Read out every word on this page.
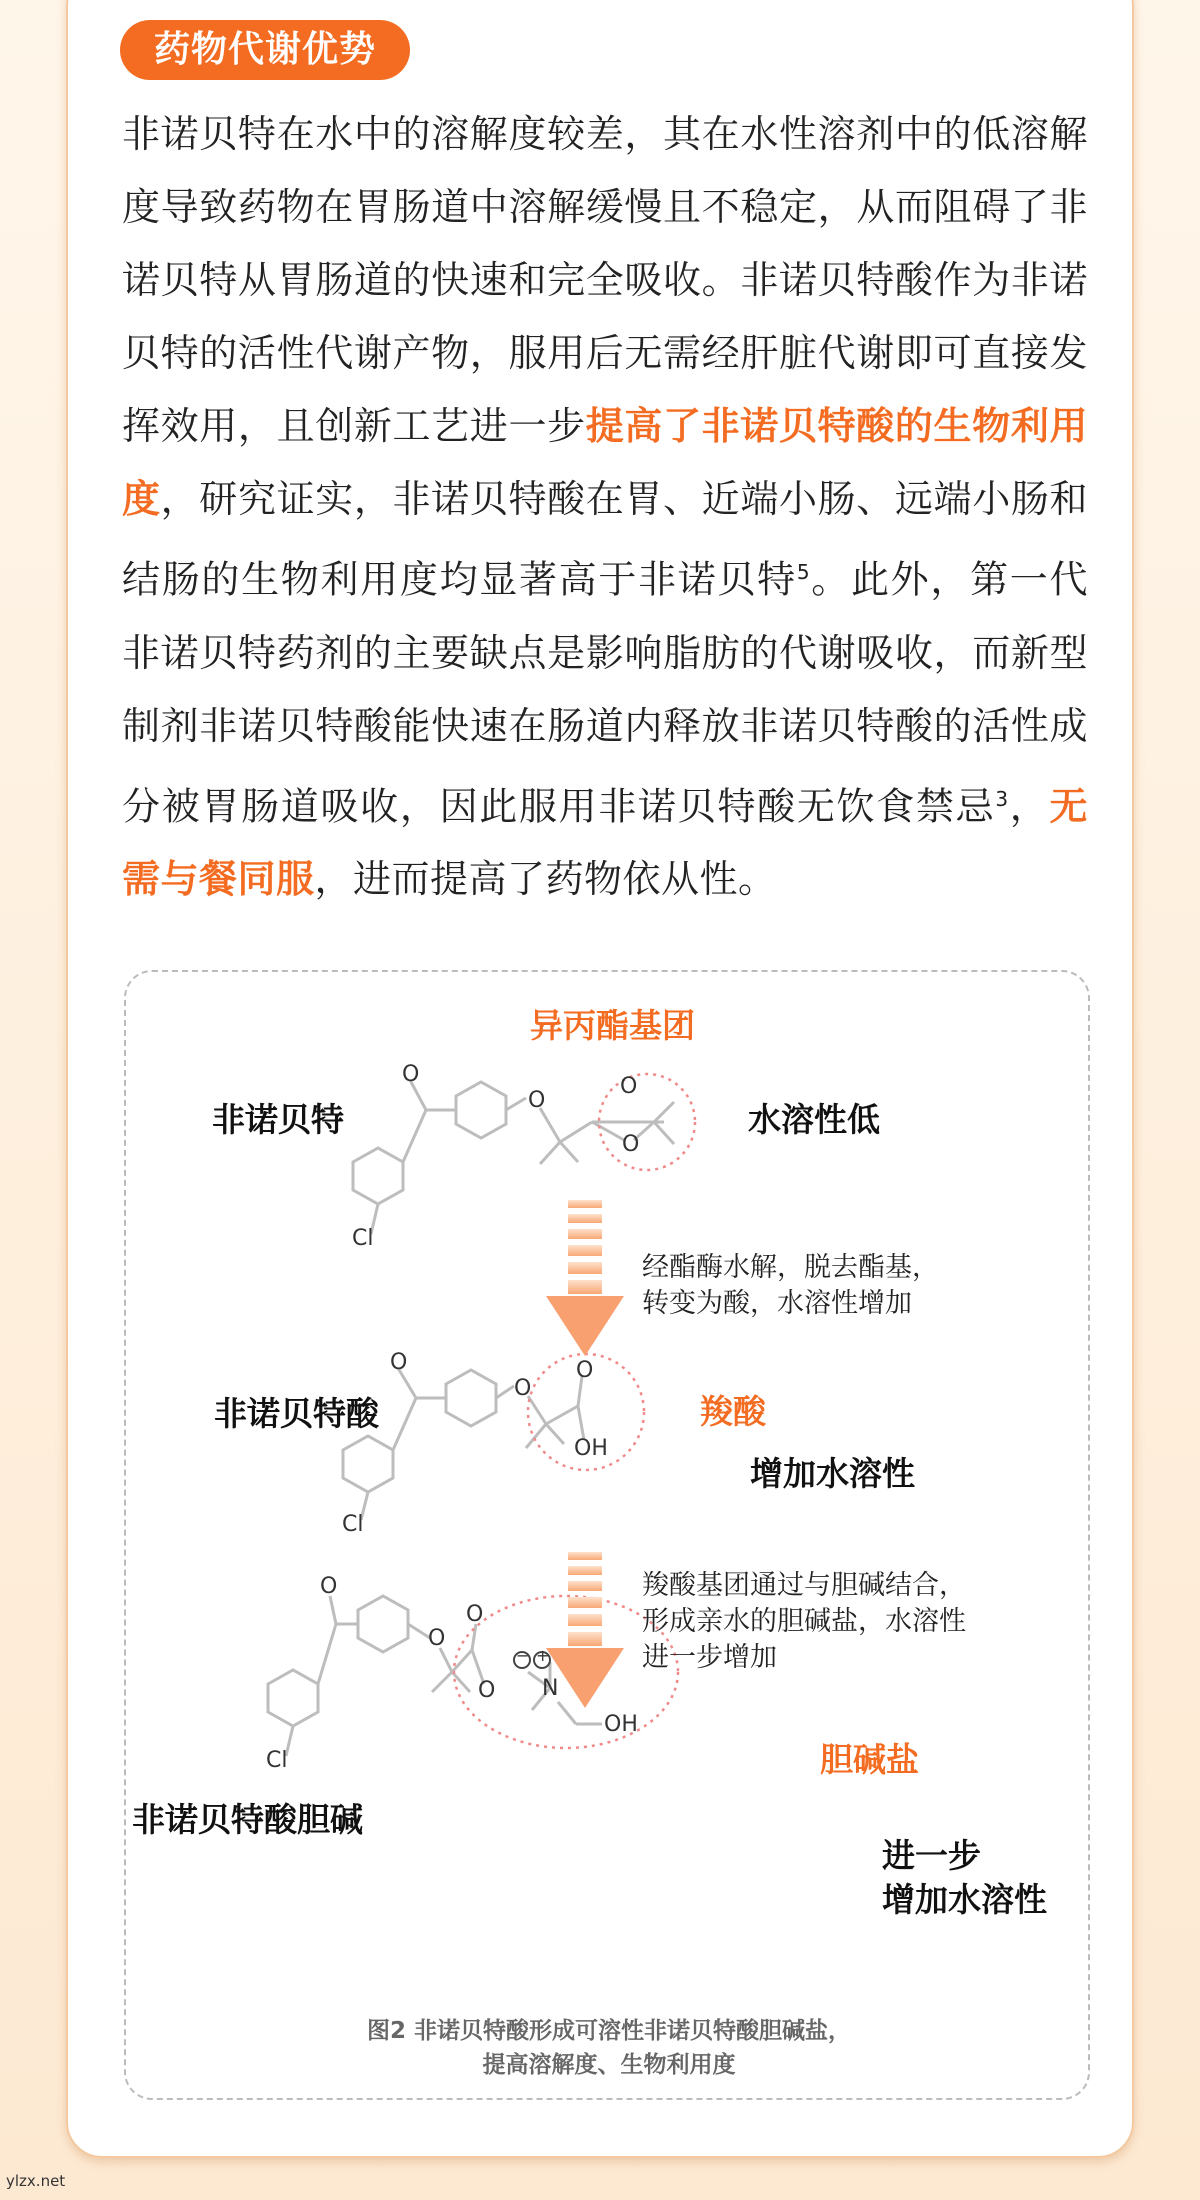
药物代谢优势
非诺贝特在水中的溶解度较差，其在水性溶剂中的低溶解度导致药物在胃肠道中溶解缓慢且不稳定，从而阻碍了非诺贝特从胃肠道的快速和完全吸收。非诺贝特酸作为非诺贝特的活性代谢产物，服用后无需经肝脏代谢即可直接发挥效用，且创新工艺进一步提高了非诺贝特酸的生物利用度，研究证实，非诺贝特酸在胃、近端小肠、远端小肠和结肠的生物利用度均显著高于非诺贝特$^5$。此外，第一代非诺贝特药剂的主要缺点是影响脂肪的代谢吸收，而新型制剂非诺贝特酸能快速在肠道内释放非诺贝特酸的活性成分被胃肠道吸收，因此服用非诺贝特酸无饮食禁忌$^3$，无需与餐同服，进而提高了药物依从性。
O
O
O
O
Cl
O
O
O
OH
Cl
O
O
O
O
− +
N
OH
Cl
非诺贝特
异丙酯基团
水溶性低
经酯酶水解，脱去酯基，
转变为酸，水溶性增加
非诺贝特酸	羧酸
增加水溶性
羧酸基团通过与胆碱结合，
形成亲水的胆碱盐，水溶性
进一步增加
胆碱盐
非诺贝特酸胆碱
进一步
增加水溶性
图2 非诺贝特酸形成可溶性非诺贝特酸胆碱盐，
提高溶解度、生物利用度
ylzx.net
